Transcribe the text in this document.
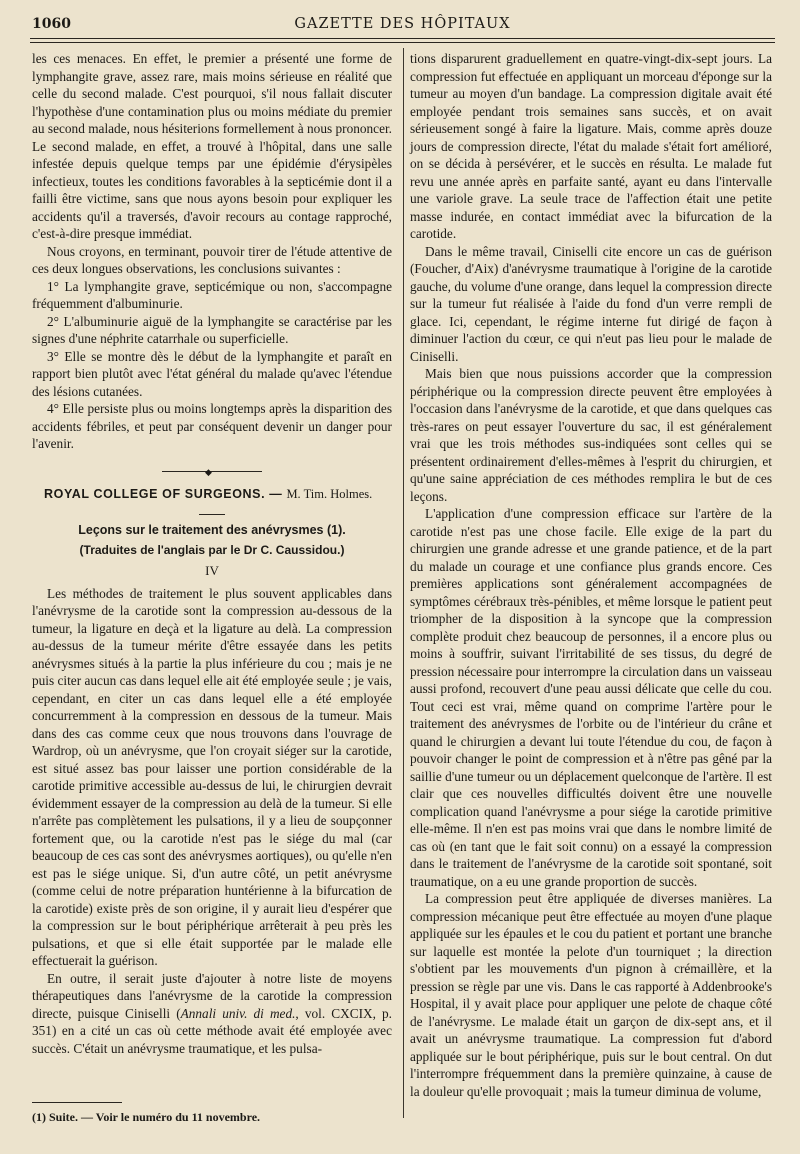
1060	GAZETTE DES HÔPITAUX

les ces menaces. En effet, le premier a présenté une forme de lymphangite grave, assez rare, mais moins sérieuse en réalité que celle du second malade. C'est pourquoi, s'il nous fallait discuter l'hypothèse d'une contamination plus ou moins médiate du premier au second malade, nous hésiterions formellement à nous prononcer. Le second malade, en effet, a trouvé à l'hôpital, dans une salle infestée depuis quelque temps par une épidémie d'érysipèles infectieux, toutes les conditions favorables à la septicémie dont il a failli être victime, sans que nous ayons besoin pour expliquer les accidents qu'il a traversés, d'avoir recours au contage rapproché, c'est-à-dire presque immédiat.

Nous croyons, en terminant, pouvoir tirer de l'étude attentive de ces deux longues observations, les conclusions suivantes :

1° La lymphangite grave, septicémique ou non, s'accompagne fréquemment d'albuminurie.

2° L'albuminurie aiguë de la lymphangite se caractérise par les signes d'une néphrite catarrhale ou superficielle.

3° Elle se montre dès le début de la lymphangite et paraît en rapport bien plutôt avec l'état général du malade qu'avec l'étendue des lésions cutanées.

4° Elle persiste plus ou moins longtemps après la disparition des accidents fébriles, et peut par conséquent devenir un danger pour l'avenir.

◆
ROYAL COLLEGE OF SURGEONS. — M. Tim. Holmes.
Leçons sur le traitement des anévrysmes (1).
(Traduites de l'anglais par le Dr C. Caussidou.)
IV

Les méthodes de traitement le plus souvent applicables dans l'anévrysme de la carotide sont la compression au-dessous de la tumeur, la ligature en deçà et la ligature au delà. La compression au-dessus de la tumeur mérite d'être essayée dans les petits anévrysmes situés à la partie la plus inférieure du cou ; mais je ne puis citer aucun cas dans lequel elle ait été employée seule ; je vais, cependant, en citer un cas dans lequel elle a été employée concurremment à la compression en dessous de la tumeur. Mais dans des cas comme ceux que nous trouvons dans l'ouvrage de Wardrop, où un anévrysme, que l'on croyait siéger sur la carotide, est situé assez bas pour laisser une portion considérable de la carotide primitive accessible au-dessus de lui, le chirurgien devrait évidemment essayer de la compression au delà de la tumeur. Si elle n'arrête pas complètement les pulsations, il y a lieu de soupçonner fortement que, ou la carotide n'est pas le siége du mal (car beaucoup de ces cas sont des anévrysmes aortiques), ou qu'elle n'en est pas le siége unique. Si, d'un autre côté, un petit anévrysme (comme celui de notre préparation huntérienne à la bifurcation de la carotide) existe près de son origine, il y aurait lieu d'espérer que la compression sur le bout périphérique arrêterait à peu près les pulsations, et que si elle était supportée par le malade elle effectuerait la guérison.

En outre, il serait juste d'ajouter à notre liste de moyens thérapeutiques dans l'anévrysme de la carotide la compression directe, puisque Ciniselli (Annali univ. di med., vol. CXCIX, p. 351) en a cité un cas où cette méthode avait été employée avec succès. C'était un anévrysme traumatique, et les pulsa-

(1) Suite. — Voir le numéro du 11 novembre.

tions disparurent graduellement en quatre-vingt-dix-sept jours. La compression fut effectuée en appliquant un morceau d'éponge sur la tumeur au moyen d'un bandage. La compression digitale avait été employée pendant trois semaines sans succès, et on avait sérieusement songé à faire la ligature. Mais, comme après douze jours de compression directe, l'état du malade s'était fort amélioré, on se décida à persévérer, et le succès en résulta. Le malade fut revu une année après en parfaite santé, ayant eu dans l'intervalle une variole grave. La seule trace de l'affection était une petite masse indurée, en contact immédiat avec la bifurcation de la carotide.

Dans le même travail, Ciniselli cite encore un cas de guérison (Foucher, d'Aix) d'anévrysme traumatique à l'origine de la carotide gauche, du volume d'une orange, dans lequel la compression directe sur la tumeur fut réalisée à l'aide du fond d'un verre rempli de glace. Ici, cependant, le régime interne fut dirigé de façon à diminuer l'action du cœur, ce qui n'eut pas lieu pour le malade de Ciniselli.

Mais bien que nous puissions accorder que la compression périphérique ou la compression directe peuvent être employées à l'occasion dans l'anévrysme de la carotide, et que dans quelques cas très-rares on peut essayer l'ouverture du sac, il est généralement vrai que les trois méthodes sus-indiquées sont celles qui se présentent ordinairement d'elles-mêmes à l'esprit du chirurgien, et qu'une saine appréciation de ces méthodes remplira le but de ces leçons.

L'application d'une compression efficace sur l'artère de la carotide n'est pas une chose facile. Elle exige de la part du chirurgien une grande adresse et une grande patience, et de la part du malade un courage et une confiance plus grands encore. Ces premières applications sont généralement accompagnées de symptômes cérébraux très-pénibles, et même lorsque le patient peut triompher de la disposition à la syncope que la compression complète produit chez beaucoup de personnes, il a encore plus ou moins à souffrir, suivant l'irritabilité de ses tissus, du degré de pression nécessaire pour interrompre la circulation dans un vaisseau aussi profond, recouvert d'une peau aussi délicate que celle du cou. Tout ceci est vrai, même quand on comprime l'artère pour le traitement des anévrysmes de l'orbite ou de l'intérieur du crâne et quand le chirurgien a devant lui toute l'étendue du cou, de façon à pouvoir changer le point de compression et à n'être pas gêné par la saillie d'une tumeur ou un déplacement quelconque de l'artère. Il est clair que ces nouvelles difficultés doivent être une nouvelle complication quand l'anévrysme a pour siége la carotide primitive elle-même. Il n'en est pas moins vrai que dans le nombre limité de cas où (en tant que le fait soit connu) on a essayé la compression dans le traitement de l'anévrysme de la carotide soit spontané, soit traumatique, on a eu une grande proportion de succès.

La compression peut être appliquée de diverses manières. La compression mécanique peut être effectuée au moyen d'une plaque appliquée sur les épaules et le cou du patient et portant une branche sur laquelle est montée la pelote d'un tourniquet ; la direction s'obtient par les mouvements d'un pignon à crémaillère, et la pression se règle par une vis. Dans le cas rapporté à Addenbrooke's Hospital, il y avait place pour appliquer une pelote de chaque côté de l'anévrysme. Le malade était un garçon de dix-sept ans, et il avait un anévrysme traumatique. La compression fut d'abord appliquée sur le bout périphérique, puis sur le bout central. On dut l'interrompre fréquemment dans la première quinzaine, à cause de la douleur qu'elle provoquait ; mais la tumeur diminua de volume,
